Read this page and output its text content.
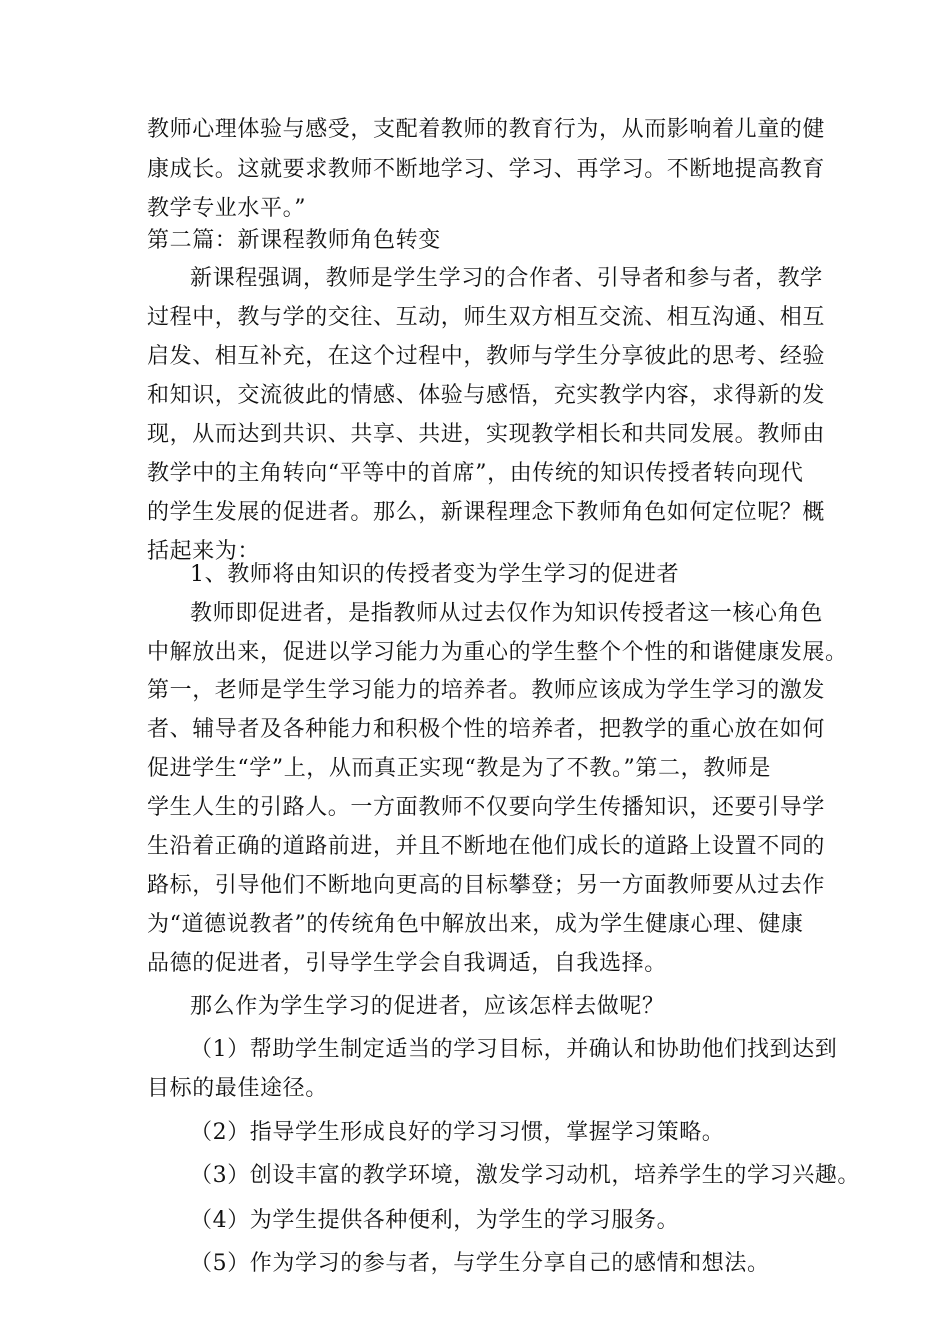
教师心理体验与感受，支配着教师的教育行为，从而影响着儿童的健
康成长。这就要求教师不断地学习、学习、再学习。不断地提高教育
教学专业水平。”
第二篇：新课程教师角色转变
新课程强调，教师是学生学习的合作者、引导者和参与者，教学
过程中，教与学的交往、互动，师生双方相互交流、相互沟通、相互
启发、相互补充，在这个过程中，教师与学生分享彼此的思考、经验
和知识，交流彼此的情感、体验与感悟，充实教学内容，求得新的发
现，从而达到共识、共享、共进，实现教学相长和共同发展。教师由
教学中的主角转向“平等中的首席”，由传统的知识传授者转向现代
的学生发展的促进者。那么，新课程理念下教师角色如何定位呢？概
括起来为：
1、教师将由知识的传授者变为学生学习的促进者
教师即促进者，是指教师从过去仅作为知识传授者这一核心角色
中解放出来，促进以学习能力为重心的学生整个个性的和谐健康发展。
第一，老师是学生学习能力的培养者。教师应该成为学生学习的激发
者、辅导者及各种能力和积极个性的培养者，把教学的重心放在如何
促进学生“学”上，从而真正实现“教是为了不教。”第二，教师是
学生人生的引路人。一方面教师不仅要向学生传播知识，还要引导学
生沿着正确的道路前进，并且不断地在他们成长的道路上设置不同的
路标，引导他们不断地向更高的目标攀登；另一方面教师要从过去作
为“道德说教者”的传统角色中解放出来，成为学生健康心理、健康
品德的促进者，引导学生学会自我调适，自我选择。
那么作为学生学习的促进者，应该怎样去做呢？
（1）帮助学生制定适当的学习目标，并确认和协助他们找到达到
目标的最佳途径。
（2）指导学生形成良好的学习习惯，掌握学习策略。
（3）创设丰富的教学环境，激发学习动机，培养学生的学习兴趣。
（4）为学生提供各种便利，为学生的学习服务。
（5）作为学习的参与者，与学生分享自己的感情和想法。
